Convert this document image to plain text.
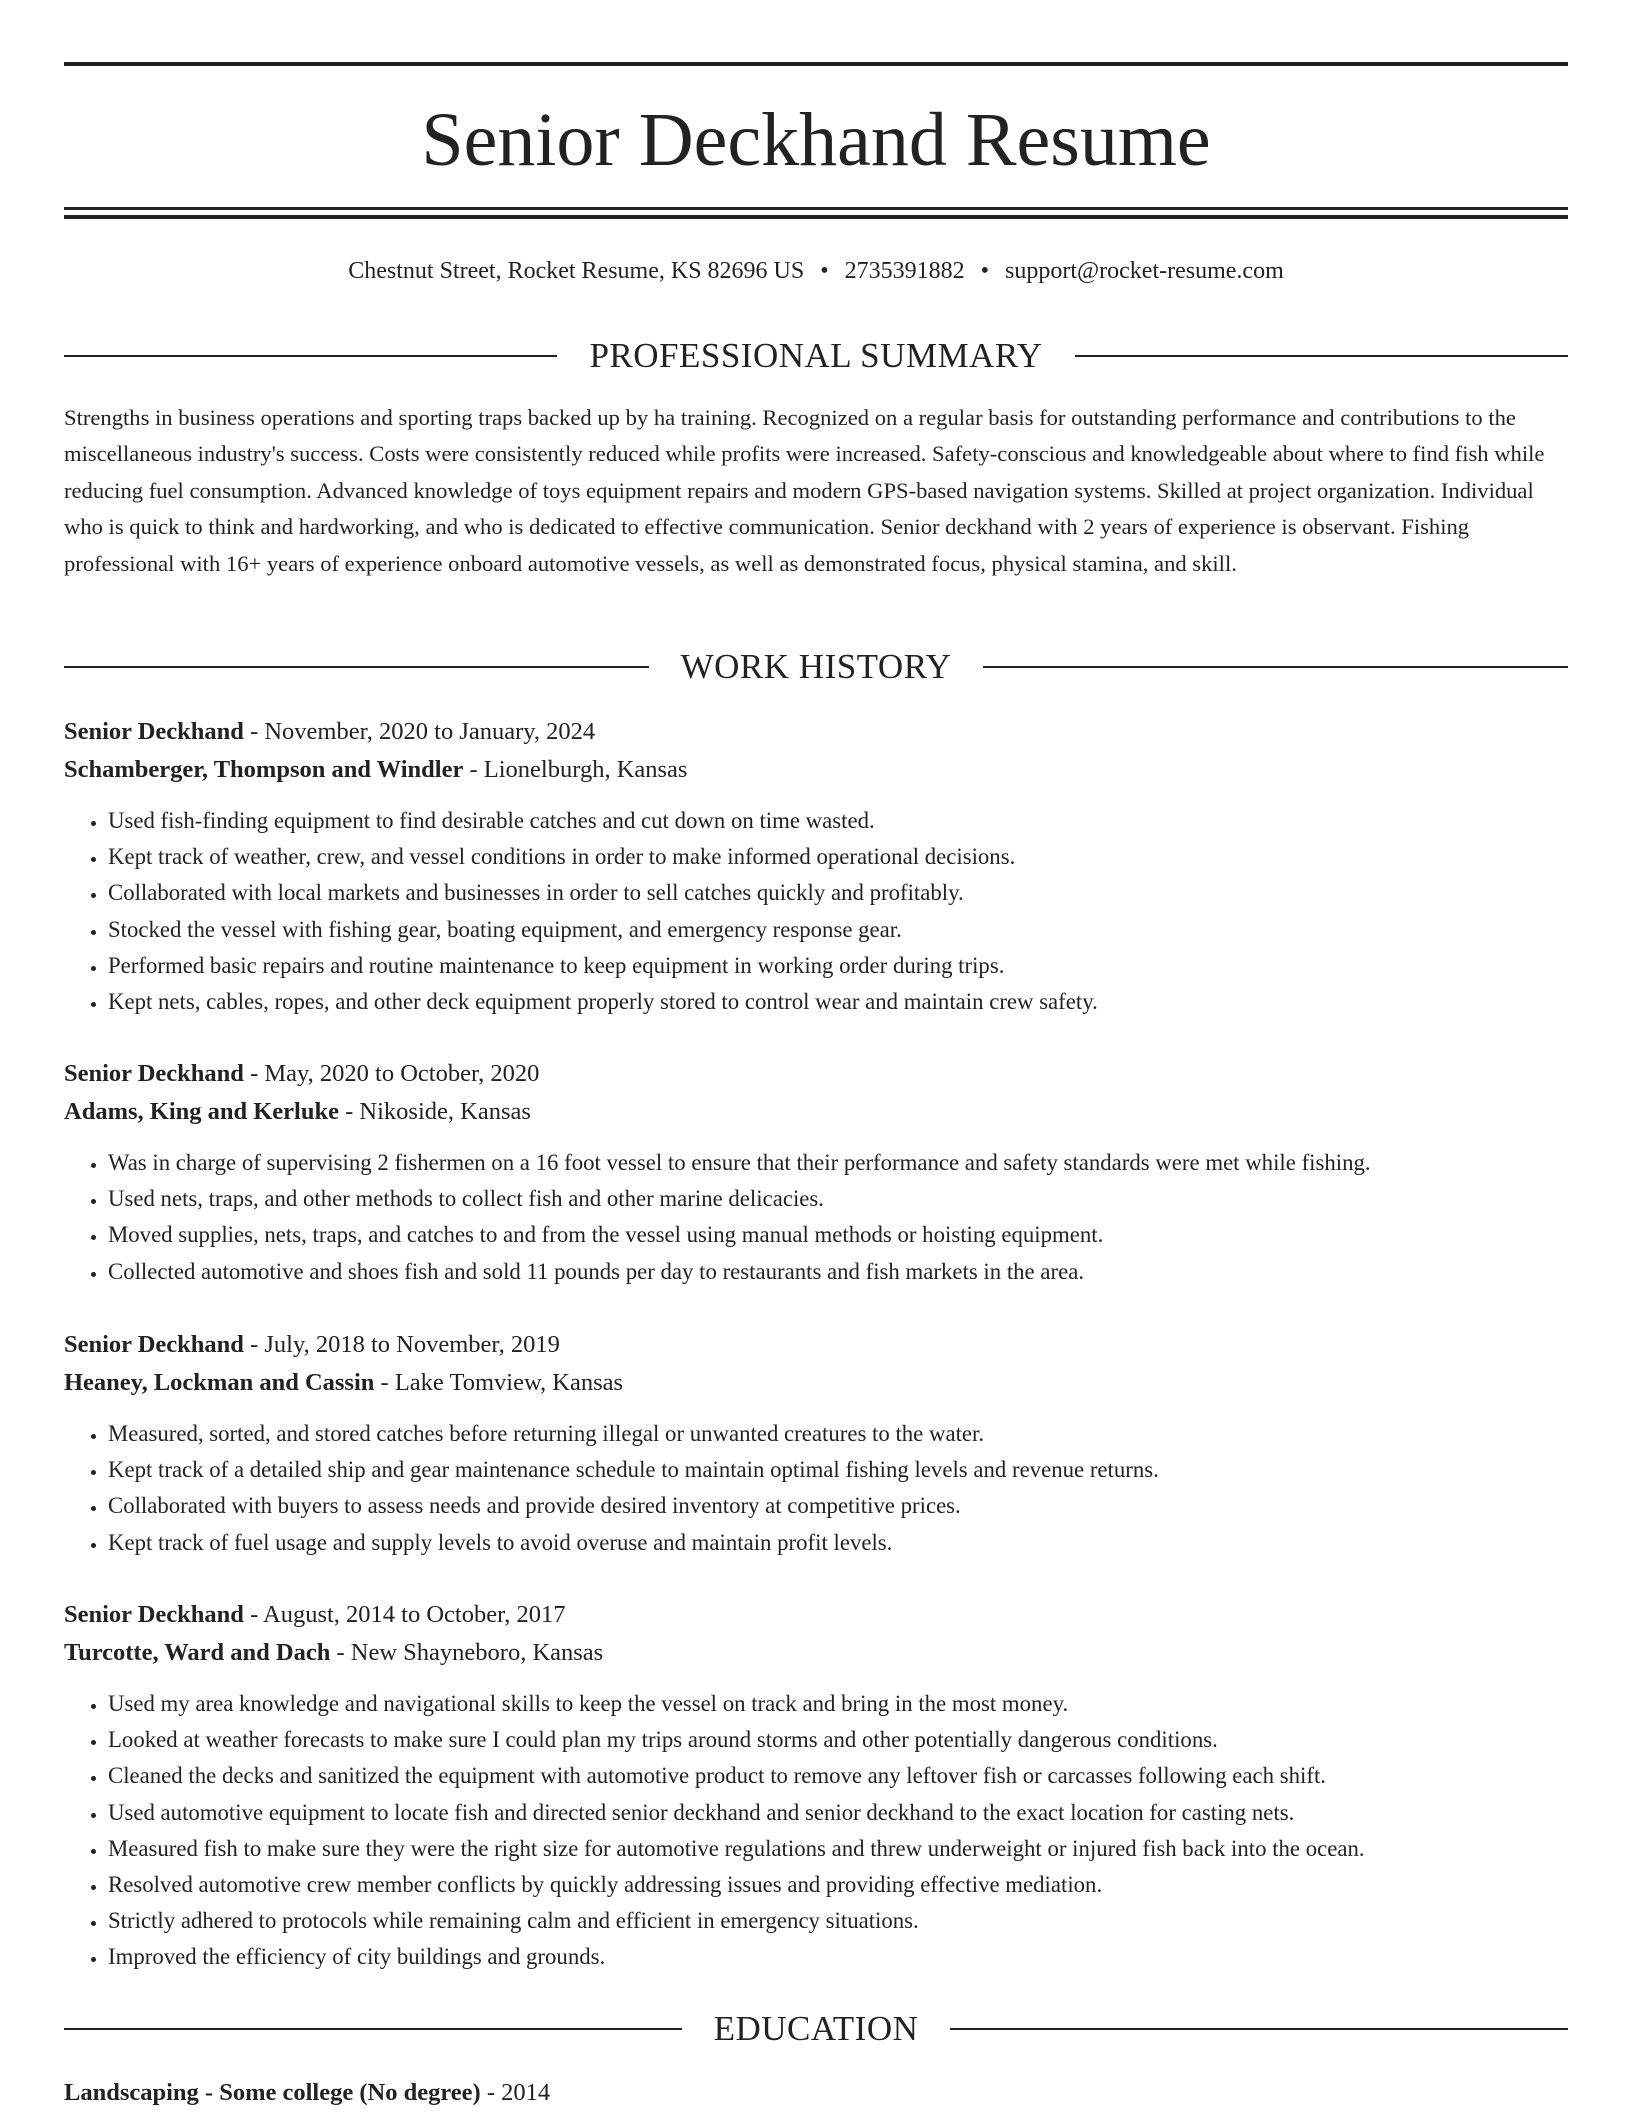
Senior Deckhand Resume
Chestnut Street, Rocket Resume, KS 82696 US • 2735391882 • support@rocket-resume.com
PROFESSIONAL SUMMARY

Strengths in business operations and sporting traps backed up by ha training. Recognized on a regular basis for outstanding performance and contributions to the miscellaneous industry's success. Costs were consistently reduced while profits were increased. Safety-conscious and knowledgeable about where to find fish while reducing fuel consumption. Advanced knowledge of toys equipment repairs and modern GPS-based navigation systems. Skilled at project organization. Individual who is quick to think and hardworking, and who is dedicated to effective communication. Senior deckhand with 2 years of experience is observant. Fishing professional with 16+ years of experience onboard automotive vessels, as well as demonstrated focus, physical stamina, and skill.

WORK HISTORY
Senior Deckhand - November, 2020 to January, 2024
Schamberger, Thompson and Windler - Lionelburgh, Kansas
• Used fish-finding equipment to find desirable catches and cut down on time wasted.
• Kept track of weather, crew, and vessel conditions in order to make informed operational decisions.
• Collaborated with local markets and businesses in order to sell catches quickly and profitably.
• Stocked the vessel with fishing gear, boating equipment, and emergency response gear.
• Performed basic repairs and routine maintenance to keep equipment in working order during trips.
• Kept nets, cables, ropes, and other deck equipment properly stored to control wear and maintain crew safety.
Senior Deckhand - May, 2020 to October, 2020
Adams, King and Kerluke - Nikoside, Kansas
• Was in charge of supervising 2 fishermen on a 16 foot vessel to ensure that their performance and safety standards were met while fishing.
• Used nets, traps, and other methods to collect fish and other marine delicacies.
• Moved supplies, nets, traps, and catches to and from the vessel using manual methods or hoisting equipment.
• Collected automotive and shoes fish and sold 11 pounds per day to restaurants and fish markets in the area.
Senior Deckhand - July, 2018 to November, 2019
Heaney, Lockman and Cassin - Lake Tomview, Kansas
• Measured, sorted, and stored catches before returning illegal or unwanted creatures to the water.
• Kept track of a detailed ship and gear maintenance schedule to maintain optimal fishing levels and revenue returns.
• Collaborated with buyers to assess needs and provide desired inventory at competitive prices.
• Kept track of fuel usage and supply levels to avoid overuse and maintain profit levels.
Senior Deckhand - August, 2014 to October, 2017
Turcotte, Ward and Dach - New Shayneboro, Kansas
• Used my area knowledge and navigational skills to keep the vessel on track and bring in the most money.
• Looked at weather forecasts to make sure I could plan my trips around storms and other potentially dangerous conditions.
• Cleaned the decks and sanitized the equipment with automotive product to remove any leftover fish or carcasses following each shift.
• Used automotive equipment to locate fish and directed senior deckhand and senior deckhand to the exact location for casting nets.
• Measured fish to make sure they were the right size for automotive regulations and threw underweight or injured fish back into the ocean.
• Resolved automotive crew member conflicts by quickly addressing issues and providing effective mediation.
• Strictly adhered to protocols while remaining calm and efficient in emergency situations.
• Improved the efficiency of city buildings and grounds.
EDUCATION
Landscaping - Some college (No degree) - 2014
